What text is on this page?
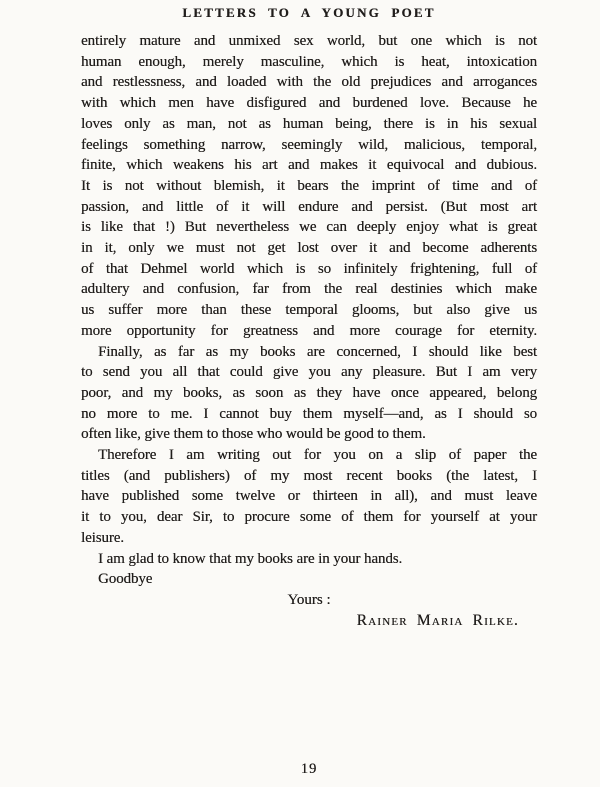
LETTERS TO A YOUNG POET
entirely mature and unmixed sex world, but one which is not
human enough, merely masculine, which is heat, intoxication
and restlessness, and loaded with the old prejudices and arrogances
with which men have disfigured and burdened love. Because he
loves only as man, not as human being, there is in his sexual
feelings something narrow, seemingly wild, malicious, temporal,
finite, which weakens his art and makes it equivocal and dubious.
It is not without blemish, it bears the imprint of time and of
passion, and little of it will endure and persist. (But most art
is like that !) But nevertheless we can deeply enjoy what is great
in it, only we must not get lost over it and become adherents
of that Dehmel world which is so infinitely frightening, full of
adultery and confusion, far from the real destinies which make
us suffer more than these temporal glooms, but also give us
more opportunity for greatness and more courage for eternity.
Finally, as far as my books are concerned, I should like best
to send you all that could give you any pleasure. But I am very
poor, and my books, as soon as they have once appeared, belong
no more to me. I cannot buy them myself—and, as I should so
often like, give them to those who would be good to them.
Therefore I am writing out for you on a slip of paper the
titles (and publishers) of my most recent books (the latest, I
have published some twelve or thirteen in all), and must leave
it to you, dear Sir, to procure some of them for yourself at your
leisure.
I am glad to know that my books are in your hands.
Goodbye
Yours :
Rainer Maria Rilke.
19
